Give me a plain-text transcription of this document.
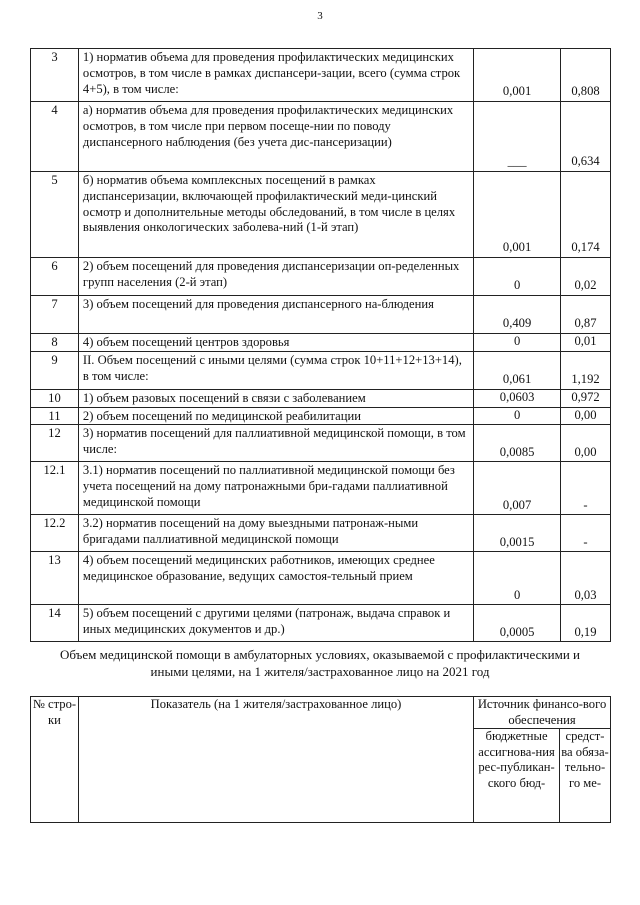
3
3	1) норматив объема для проведения профилактических медицинских осмотров, в том числе в рамках диспансери-зации, всего (сумма строк 4+5), в том числе:	0,001	0,808
4	а) норматив объема для проведения профилактических медицинских осмотров, в том числе при первом посеще-нии по поводу диспансерного наблюдения (без учета дис-пансеризации)	___	0,634
5	б) норматив объема комплексных посещений в рамках диспансеризации, включающей профилактический меди-цинский осмотр и дополнительные методы обследований, в том числе в целях выявления онкологических заболева-ний (1-й этап)	0,001	0,174
6	2) объем посещений для проведения диспансеризации оп-ределенных групп населения (2-й этап)	0	0,02
7	3) объем посещений для проведения диспансерного на-блюдения	0,409	0,87
8	4) объем посещений центров здоровья	0	0,01
9	II. Объем посещений с иными целями (сумма строк 10+11+12+13+14), в том числе:	0,061	1,192
10	1) объем разовых посещений в связи с заболеванием	0,0603	0,972
11	2) объем посещений по медицинской реабилитации	0	0,00
12	3) норматив посещений для паллиативной медицинской помощи, в том числе:	0,0085	0,00
12.1	3.1) норматив посещений по паллиативной медицинской помощи без учета посещений на дому патронажными бри-гадами паллиативной медицинской помощи	0,007	-
12.2	3.2) норматив посещений на дому выездными патронаж-ными бригадами паллиативной медицинской помощи	0,0015	-
13	4) объем посещений медицинских работников, имеющих среднее медицинское образование, ведущих самостоя-тельный прием	0	0,03
14	5) объем посещений с другими целями (патронаж, выдача справок и иных медицинских документов и др.)	0,0005	0,19
Объем медицинской помощи в амбулаторных условиях, оказываемой с профилактическими и иными целями, на 1 жителя/застрахованное лицо на 2021 год
№ стро-ки	Показатель (на 1 жителя/застрахованное лицо)	Источник финансо-вого обеспечения	
		бюджетные ассигнова-ния рес-публикан-ского бюд-	средст-ва обяза-тельно-го ме-
